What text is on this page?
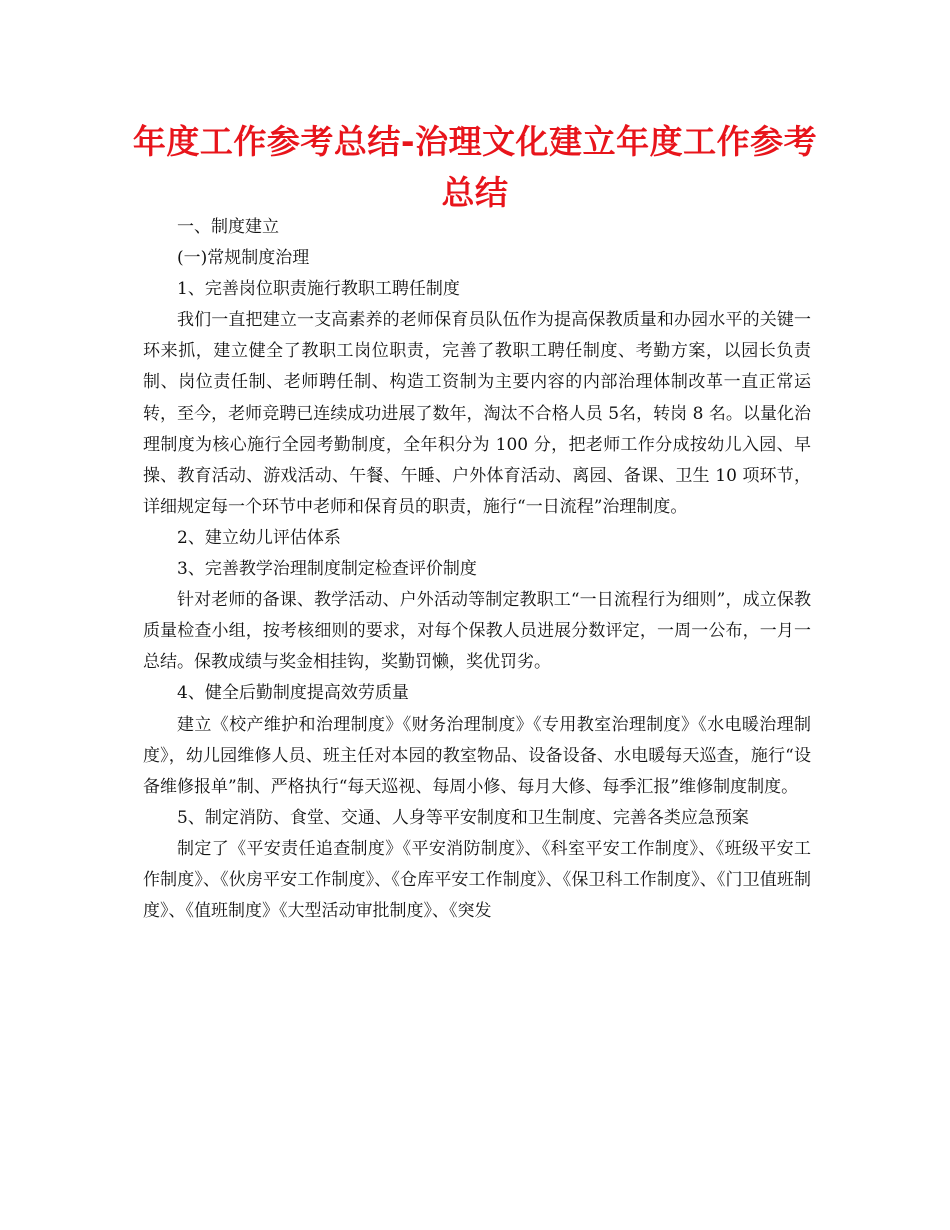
年度工作参考总结-治理文化建立年度工作参考总结

一、制度建立

(一)常规制度治理

1、完善岗位职责施行教职工聘任制度

我们一直把建立一支高素养的老师保育员队伍作为提高保教质量和办园水平的关键一环来抓，建立健全了教职工岗位职责，完善了教职工聘任制度、考勤方案，以园长负责制、岗位责任制、老师聘任制、构造工资制为主要内容的内部治理体制改革一直正常运转，至今，老师竞聘已连续成功进展了数年，淘汰不合格人员 5名，转岗 8 名。以量化治理制度为核心施行全园考勤制度，全年积分为 100 分，把老师工作分成按幼儿入园、早操、教育活动、游戏活动、午餐、午睡、户外体育活动、离园、备课、卫生 10 项环节，详细规定每一个环节中老师和保育员的职责，施行“一日流程”治理制度。

2、建立幼儿评估体系

3、完善教学治理制度制定检查评价制度

针对老师的备课、教学活动、户外活动等制定教职工“一日流程行为细则”，成立保教质量检查小组，按考核细则的要求，对每个保教人员进展分数评定，一周一公布，一月一总结。保教成绩与奖金相挂钩，奖勤罚懒，奖优罚劣。

4、健全后勤制度提高效劳质量

建立《校产维护和治理制度》《财务治理制度》《专用教室治理制度》《水电暖治理制度》，幼儿园维修人员、班主任对本园的教室物品、设备设备、水电暖每天巡查，施行“设备维修报单”制、严格执行“每天巡视、每周小修、每月大修、每季汇报”维修制度制度。

5、制定消防、食堂、交通、人身等平安制度和卫生制度、完善各类应急预案

制定了《平安责任追查制度》《平安消防制度》、《科室平安工作制度》、《班级平安工作制度》、《伙房平安工作制度》、《仓库平安工作制度》、《保卫科工作制度》、《门卫值班制度》、《值班制度》《大型活动审批制度》、《突发
